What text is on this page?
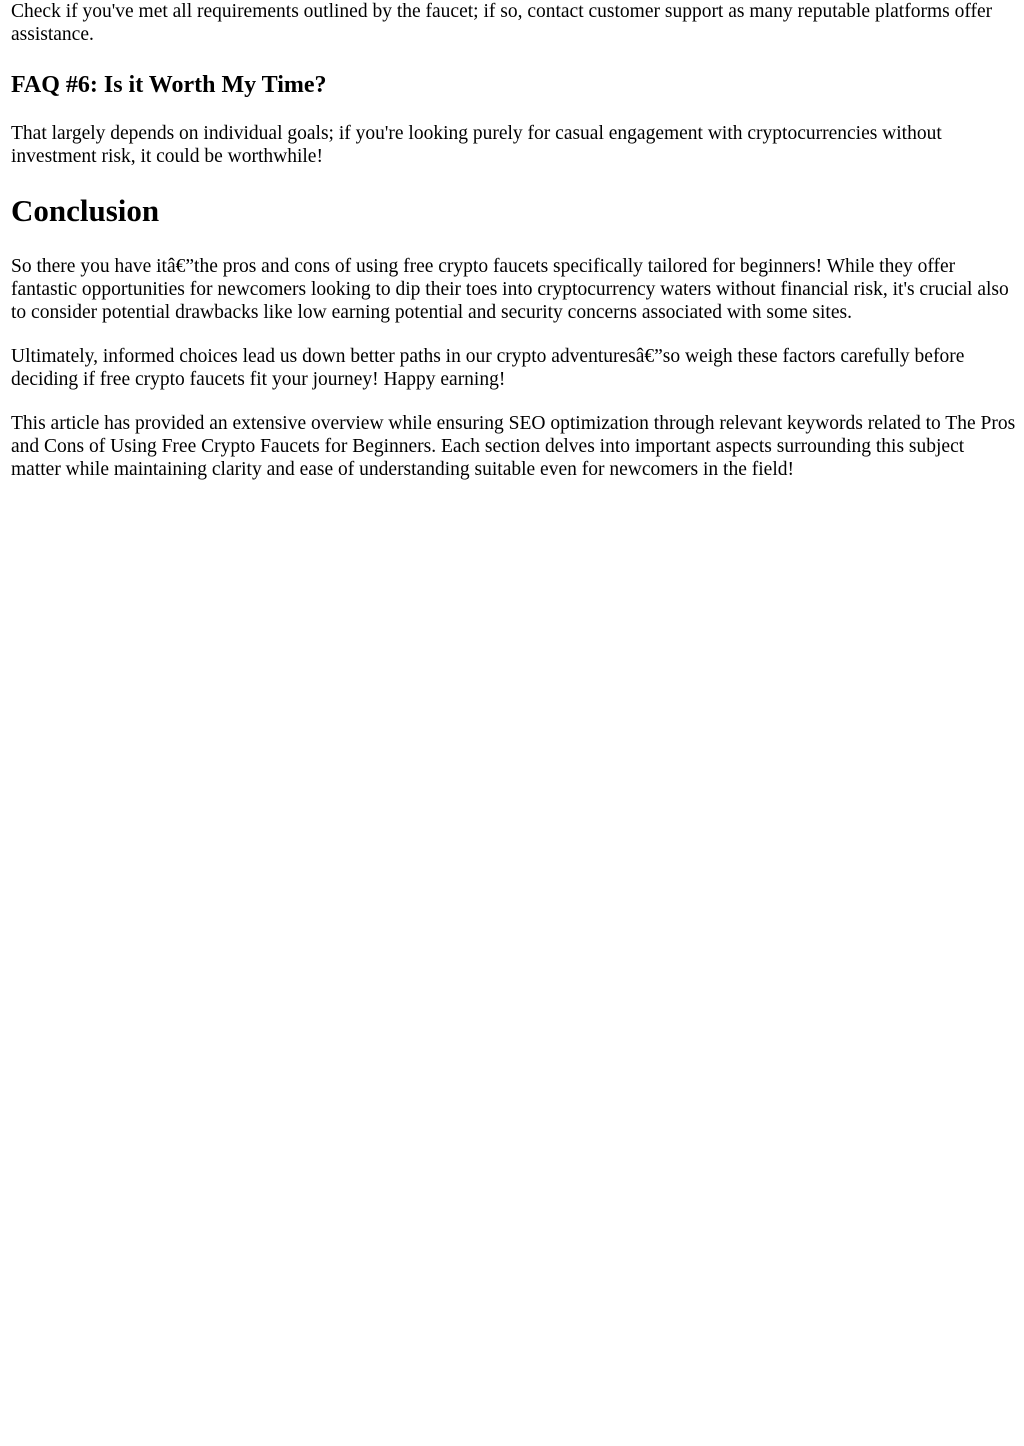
Check if you've met all requirements outlined by the faucet; if so, contact customer support as many reputable platforms offer assistance.

FAQ #6: Is it Worth My Time?

That largely depends on individual goals; if you're looking purely for casual engagement with cryptocurrencies without investment risk, it could be worthwhile!

Conclusion

So there you have itâ€”the pros and cons of using free crypto faucets specifically tailored for beginners! While they offer fantastic opportunities for newcomers looking to dip their toes into cryptocurrency waters without financial risk, it's crucial also to consider potential drawbacks like low earning potential and security concerns associated with some sites.

Ultimately, informed choices lead us down better paths in our crypto adventuresâ€”so weigh these factors carefully before deciding if free crypto faucets fit your journey! Happy earning!

This article has provided an extensive overview while ensuring SEO optimization through relevant keywords related to The Pros and Cons of Using Free Crypto Faucets for Beginners. Each section delves into important aspects surrounding this subject matter while maintaining clarity and ease of understanding suitable even for newcomers in the field!
